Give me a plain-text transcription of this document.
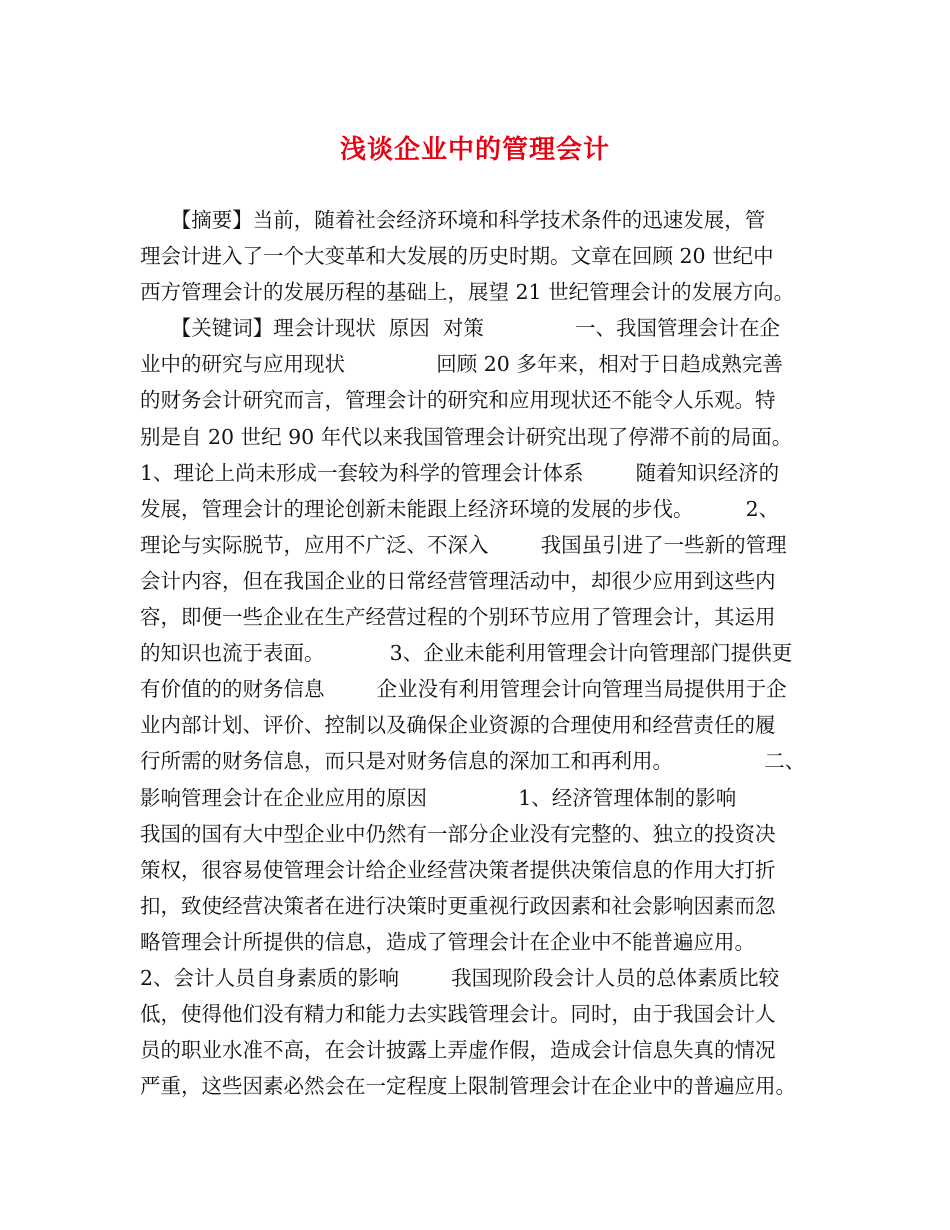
浅谈企业中的管理会计
　　【摘要】当前，随着社会经济环境和科学技术条件的迅速发展，管
理会计进入了一个大变革和大发展的历史时期。文章在回顾 20 世纪中
西方管理会计的发展历程的基础上，展望 21 世纪管理会计的发展方向。
　　【关键词】理会计现状  原因  对策              一、我国管理会计在企
业中的研究与应用现状              回顾 20 多年来，相对于日趋成熟完善
的财务会计研究而言，管理会计的研究和应用现状还不能令人乐观。特
别是自 20 世纪 90 年代以来我国管理会计研究出现了停滞不前的局面。
1、理论上尚未形成一套较为科学的管理会计体系        随着知识经济的
发展，管理会计的理论创新未能跟上经济环境的发展的步伐。        2、
理论与实际脱节，应用不广泛、不深入        我国虽引进了一些新的管理
会计内容，但在我国企业的日常经营管理活动中，却很少应用到这些内
容，即便一些企业在生产经营过程的个别环节应用了管理会计，其运用
的知识也流于表面。          3、企业未能利用管理会计向管理部门提供更
有价值的的财务信息        企业没有利用管理会计向管理当局提供用于企
业内部计划、评价、控制以及确保企业资源的合理使用和经营责任的履
行所需的财务信息，而只是对财务信息的深加工和再利用。              二、
影响管理会计在企业应用的原因              1、经济管理体制的影响
我国的国有大中型企业中仍然有一部分企业没有完整的、独立的投资决
策权，很容易使管理会计给企业经营决策者提供决策信息的作用大打折
扣，致使经营决策者在进行决策时更重视行政因素和社会影响因素而忽
略管理会计所提供的信息，造成了管理会计在企业中不能普遍应用。
2、会计人员自身素质的影响        我国现阶段会计人员的总体素质比较
低，使得他们没有精力和能力去实践管理会计。同时，由于我国会计人
员的职业水准不高，在会计披露上弄虚作假，造成会计信息失真的情况
严重，这些因素必然会在一定程度上限制管理会计在企业中的普遍应用。
